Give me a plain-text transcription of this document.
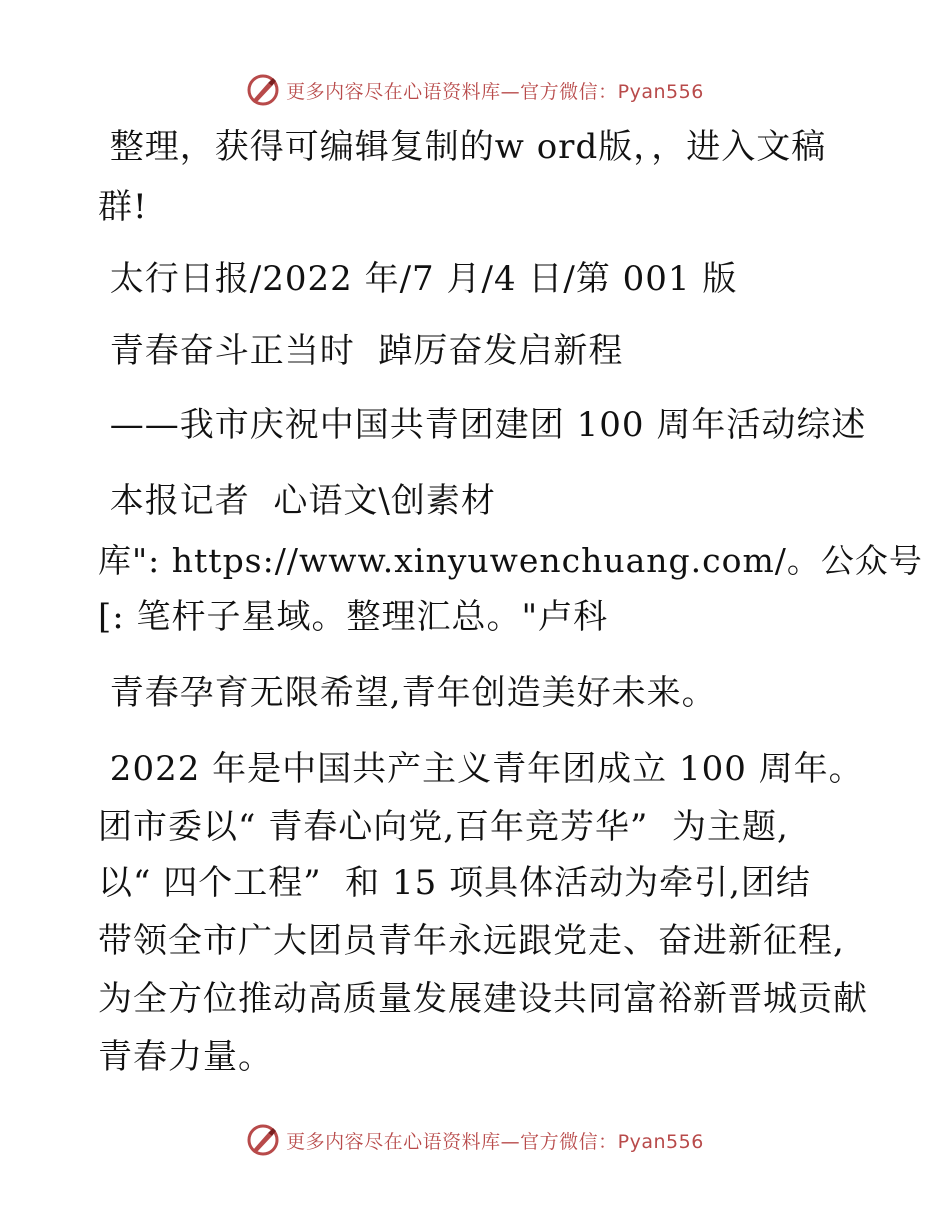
更多内容尽在心语资料库—官方微信：Pyan556
整理，获得可编辑复制的w ord版，，进入文稿
群!
太行日报/2022 年/7 月/4 日/第 001 版
青春奋斗正当时  踔厉奋发启新程
——我市庆祝中国共青团建团 100 周年活动综述
本报记者  心语文\创素材
库": https://www.xinyuwenchuang.com/。公众号
[: 笔杆子星域。整理汇总。"卢科
青春孕育无限希望,青年创造美好未来。
2022 年是中国共产主义青年团成立 100 周年。
团市委以“ 青春心向党,百年竞芳华”  为主题,
以“ 四个工程”  和 15 项具体活动为牵引,团结
带领全市广大团员青年永远跟党走、奋进新征程,
为全方位推动高质量发展建设共同富裕新晋城贡献
青春力量。
更多内容尽在心语资料库—官方微信：Pyan556
